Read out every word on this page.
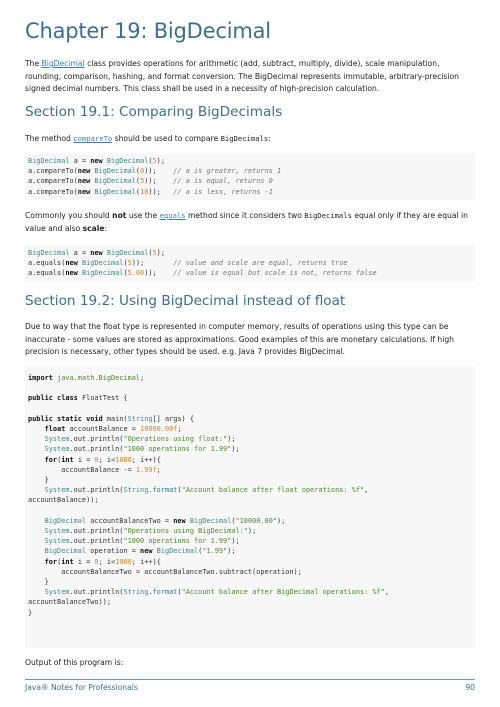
Chapter 19: BigDecimal

The BigDecimal class provides operations for arithmetic (add, subtract, multiply, divide), scale manipulation, rounding, comparison, hashing, and format conversion. The BigDecimal represents immutable, arbitrary-precision signed decimal numbers. This class shall be used in a necessity of high-precision calculation.

Section 19.1: Comparing BigDecimals

The method compareTo should be used to compare BigDecimals:

BigDecimal a = new BigDecimal(5);
a.compareTo(new BigDecimal(0));    // a is greater, returns 1
a.compareTo(new BigDecimal(5));    // a is equal, returns 0
a.compareTo(new BigDecimal(10));   // a is less, returns -1

Commonly you should not use the equals method since it considers two BigDecimals equal only if they are equal in value and also scale:

BigDecimal a = new BigDecimal(5);
a.equals(new BigDecimal(5));       // value and scale are equal, returns true
a.equals(new BigDecimal(5.00));    // value is equal but scale is not, returns false
Section 19.2: Using BigDecimal instead of float

Due to way that the float type is represented in computer memory, results of operations using this type can be inaccurate - some values are stored as approximations. Good examples of this are monetary calculations. If high precision is necessary, other types should be used. e.g. Java 7 provides BigDecimal.

import java.math.BigDecimal;

public class FloatTest {

public static void main(String[] args) {
float accountBalance = 10000.00f;
System.out.println("Operations using float:");
System.out.println("1000 operations for 1.99");
for(int i = 0; i<1000; i++){
accountBalance -= 1.99f;
}
System.out.println(String.format("Account balance after float operations: %f",
accountBalance));

BigDecimal accountBalanceTwo = new BigDecimal("10000.00");
System.out.println("Operations using BigDecimal:");
System.out.println("1000 operations for 1.99");
BigDecimal operation = new BigDecimal("1.99");
for(int i = 0; i<1000; i++){
accountBalanceTwo = accountBalanceTwo.subtract(operation);
}
System.out.println(String.format("Account balance after BigDecimal operations: %f",
accountBalanceTwo));
}

Output of this program is:

Java® Notes for Professionals	90
